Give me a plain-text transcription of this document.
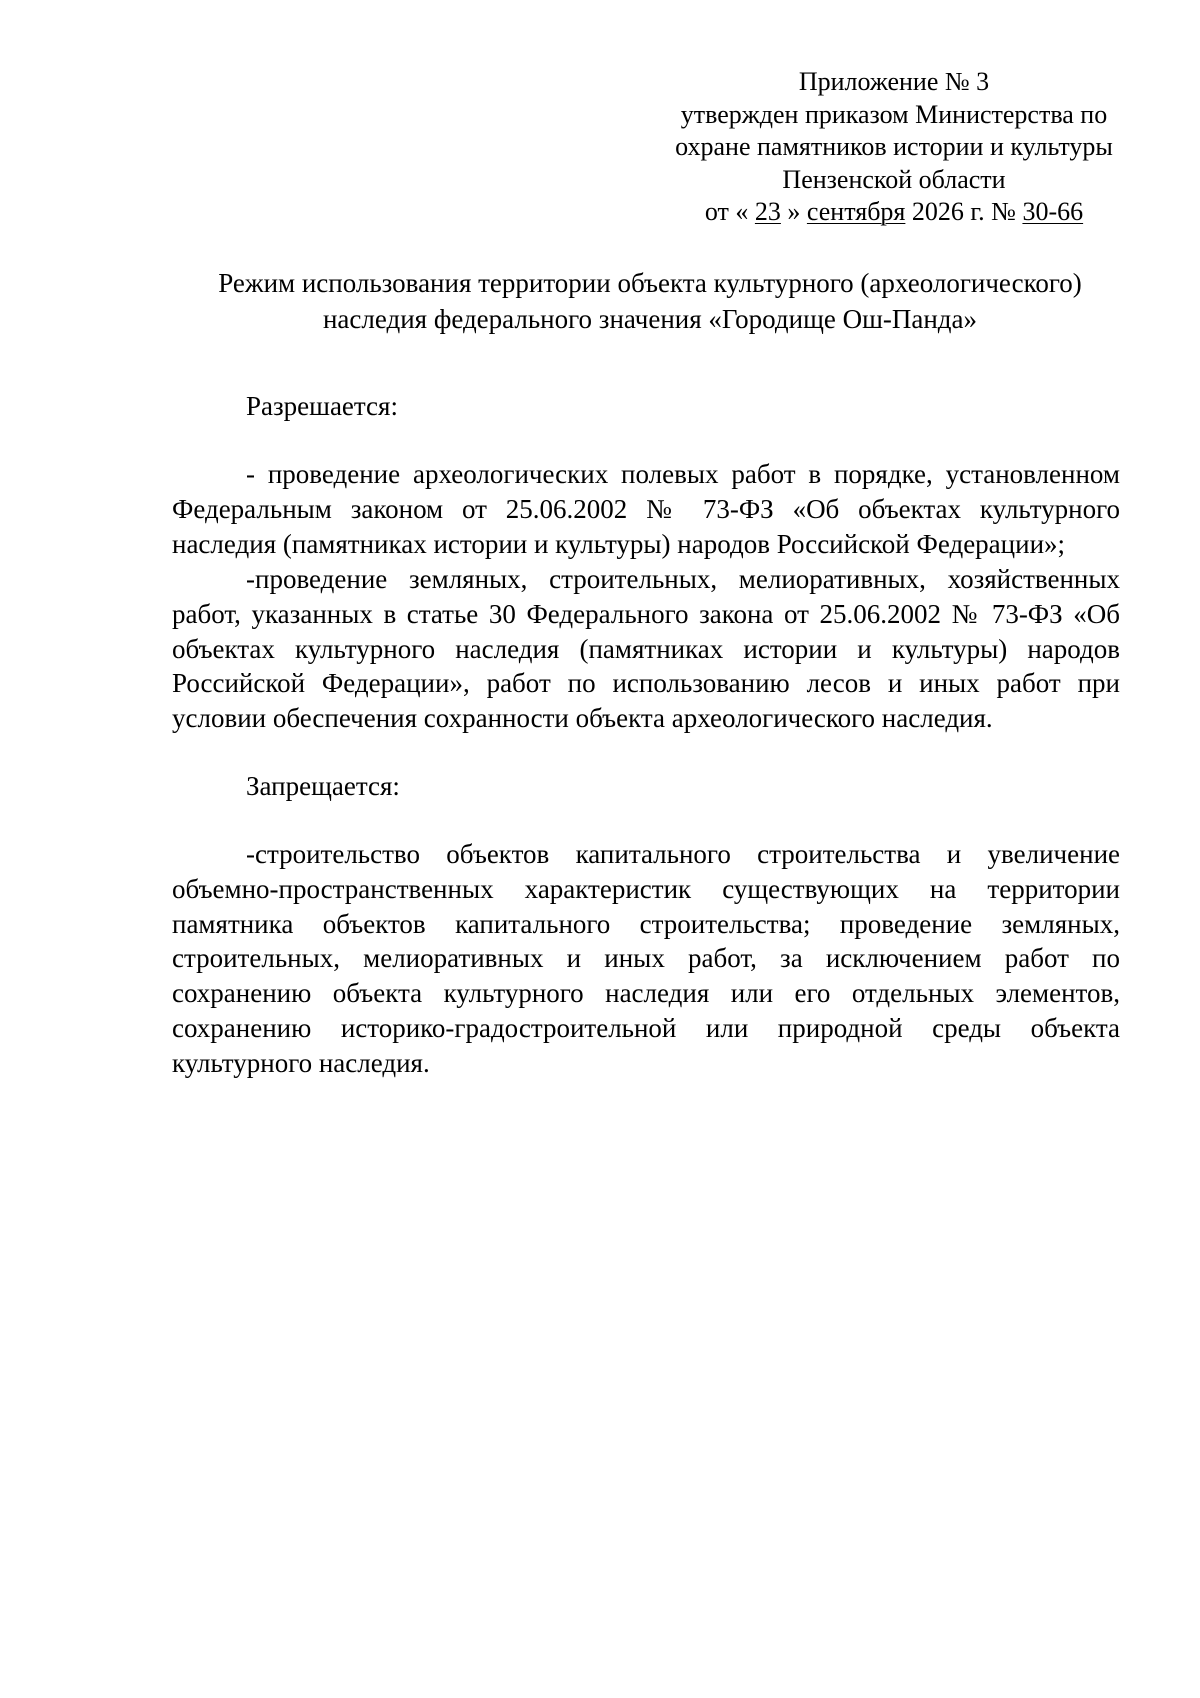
Приложение № 3
утвержден приказом Министерства по
охране памятников истории и культуры
Пензенской области
от « 23 » сентября 2026 г. № 30-66
Режим использования территории объекта культурного (археологического)
наследия федерального значения «Городище Ош-Панда»
Разрешается:

- проведение археологических полевых работ в порядке, установленном Федеральным законом от 25.06.2002 № 73-ФЗ «Об объектах культурного наследия (памятниках истории и культуры) народов Российской Федерации»;

-проведение земляных, строительных, мелиоративных, хозяйственных работ, указанных в статье 30 Федерального закона от 25.06.2002 № 73-ФЗ «Об объектах культурного наследия (памятниках истории и культуры) народов Российской Федерации», работ по использованию лесов и иных работ при условии обеспечения сохранности объекта археологического наследия.

Запрещается:

-строительство объектов капитального строительства и увеличение объемно-пространственных характеристик существующих на территории памятника объектов капитального строительства; проведение земляных, строительных, мелиоративных и иных работ, за исключением работ по сохранению объекта культурного наследия или его отдельных элементов, сохранению историко-градостроительной или природной среды объекта культурного наследия.
